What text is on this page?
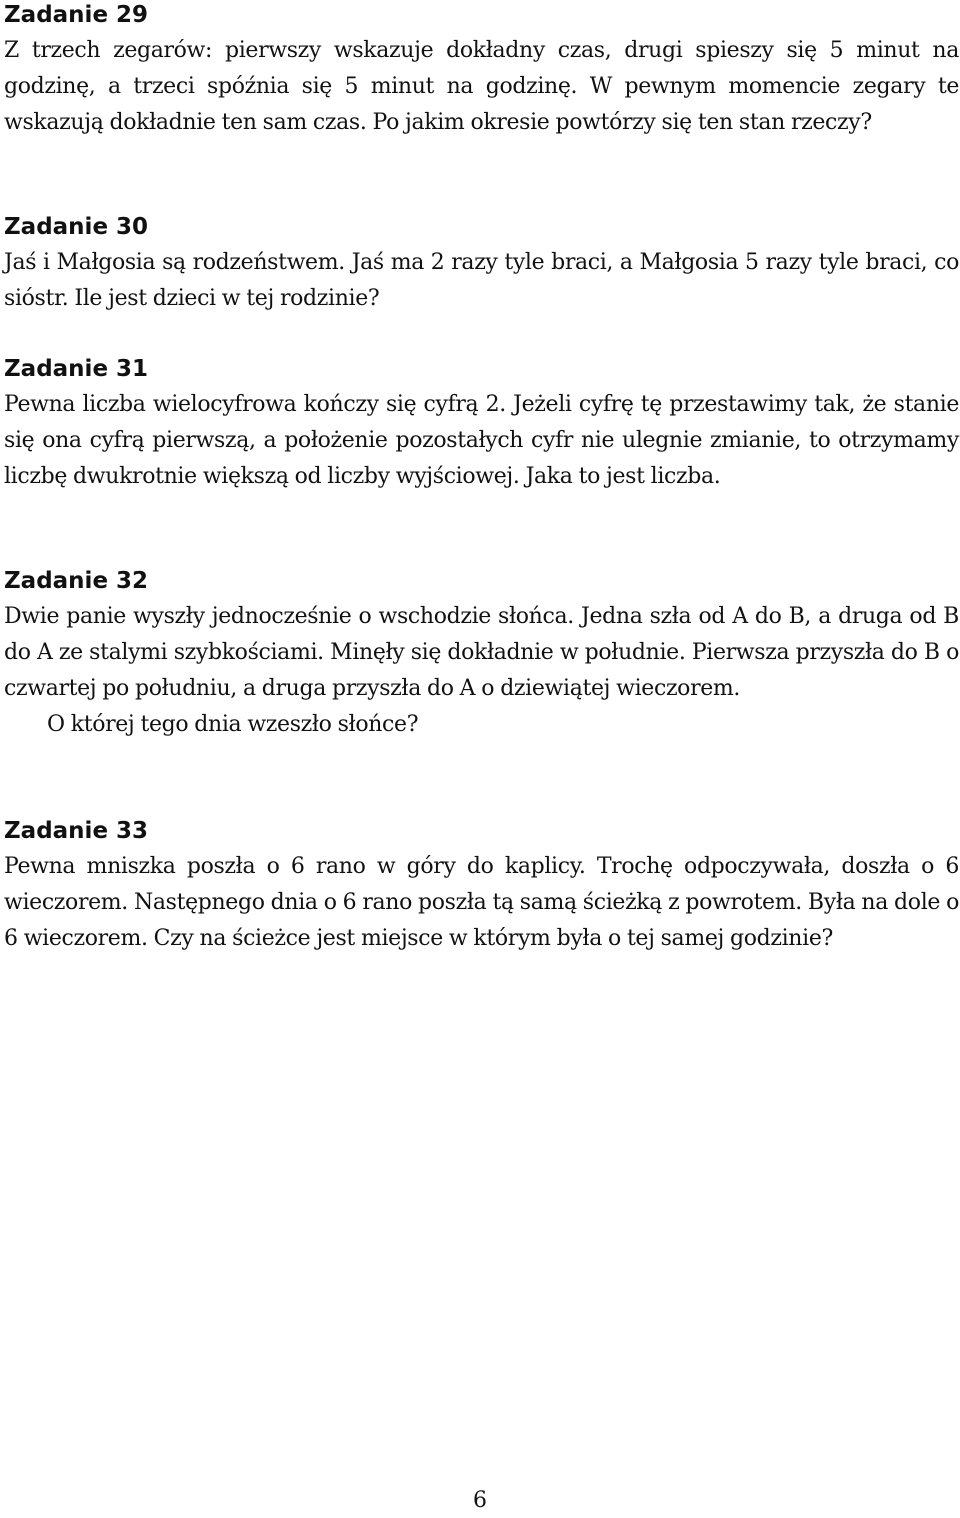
Zadanie 29

Z trzech zegarów: pierwszy wskazuje dokładny czas, drugi spieszy się 5 minut na godzinę, a trzeci spóźnia się 5 minut na godzinę. W pewnym momencie zegary te wskazują dokładnie ten sam czas. Po jakim okresie powtórzy się ten stan rzeczy?

Zadanie 30

Jaś i Małgosia są rodzeństwem. Jaś ma 2 razy tyle braci, a Małgosia 5 razy tyle braci, co sióstr. Ile jest dzieci w tej rodzinie?

Zadanie 31

Pewna liczba wielocyfrowa kończy się cyfrą 2. Jeżeli cyfrę tę przestawimy tak, że stanie się ona cyfrą pierwszą, a położenie pozostałych cyfr nie ulegnie zmianie, to otrzymamy liczbę dwukrotnie większą od liczby wyjściowej. Jaka to jest liczba.

Zadanie 32

Dwie panie wyszły jednocześnie o wschodzie słońca. Jedna szła od A do B, a druga od B do A ze stalymi szybkościami. Minęły się dokładnie w południe. Pierwsza przyszła do B o czwartej po południu, a druga przyszła do A o dziewiątej wieczorem.

O której tego dnia wzeszło słońce?

Zadanie 33

Pewna mniszka poszła o 6 rano w góry do kaplicy. Trochę odpoczywała, doszła o 6 wieczorem. Następnego dnia o 6 rano poszła tą samą ścieżką z powrotem. Była na dole o 6 wieczorem. Czy na ścieżce jest miejsce w którym była o tej samej godzinie?

6
